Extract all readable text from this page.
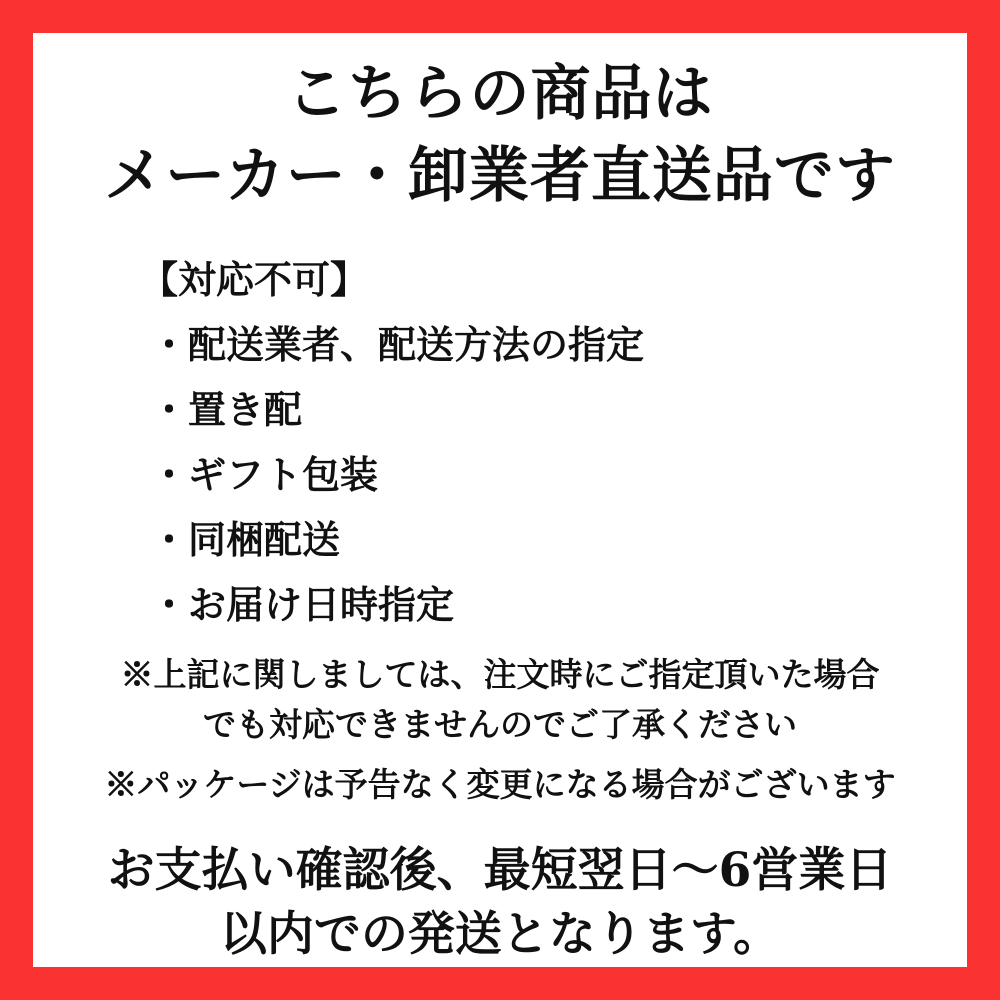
こちらの商品は
メーカー・卸業者直送品です
【対応不可】
・配送業者、配送方法の指定
・置き配
・ギフト包装
・同梱配送
・お届け日時指定
※上記に関しましては、注文時にご指定頂いた場合
でも対応できませんのでご了承ください
※パッケージは予告なく変更になる場合がございます
お支払い確認後、最短翌日〜6営業日
以内での発送となります。
